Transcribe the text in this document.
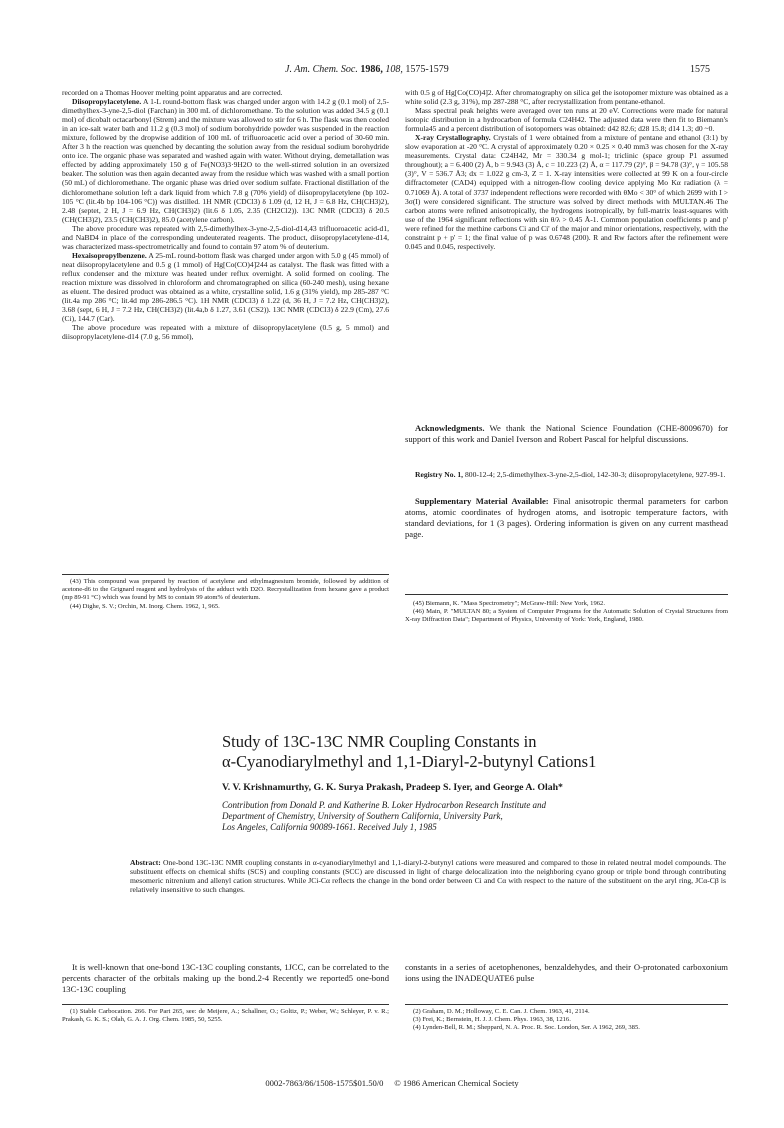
J. Am. Chem. Soc. 1986, 108, 1575-1579	1575

recorded on a Thomas Hoover melting point apparatus and are corrected.

Diisopropylacetylene. A 1-L round-bottom flask was charged under argon with 14.2 g (0.1 mol) of 2,5-dimethylhex-3-yne-2,5-diol (Farchan) in 300 mL of dichloromethane. To the solution was added 34.5 g (0.1 mol) of dicobalt octacarbonyl (Strem) and the mixture was allowed to stir for 6 h. The flask was then cooled in an ice-salt water bath and 11.2 g (0.3 mol) of sodium borohydride powder was suspended in the reaction mixture, followed by the dropwise addition of 100 mL of trifluoroacetic acid over a period of 30-60 min. After 3 h the reaction was quenched by decanting the solution away from the residual sodium borohydride onto ice. The organic phase was separated and washed again with water. Without drying, demetallation was effected by adding approximately 150 g of Fe(NO3)3·9H2O to the well-stirred solution in an oversized beaker. The solution was then again decanted away from the residue which was washed with a small portion (50 mL) of dichloromethane. The organic phase was dried over sodium sulfate. Fractional distillation of the dichloromethane solution left a dark liquid from which 7.8 g (70% yield) of diisopropylacetylene (bp 102-105 °C (lit.4b bp 104-106 °C)) was distilled. 1H NMR (CDCl3) δ 1.09 (d, 12 H, J = 6.8 Hz, CH(CH3)2), 2.48 (septet, 2 H, J = 6.9 Hz, CH(CH3)2) (lit.6 δ 1.05, 2.35 (CH2Cl2)). 13C NMR (CDCl3) δ 20.5 (CH(CH3)2), 23.5 (CH(CH3)2), 85.0 (acetylene carbon).

The above procedure was repeated with 2,5-dimethylhex-3-yne-2,5-diol-d14,43 trifluoroacetic acid-d1, and NaBD4 in place of the corresponding undeuterated reagents. The product, diisopropylacetylene-d14, was characterized mass-spectrometrically and found to contain 97 atom % of deuterium.

Hexaisopropylbenzene. A 25-mL round-bottom flask was charged under argon with 5.0 g (45 mmol) of neat diisopropylacetylene and 0.5 g (1 mmol) of Hg[Co(CO)4]244 as catalyst. The flask was fitted with a reflux condenser and the mixture was heated under reflux overnight. A solid formed on cooling. The reaction mixture was dissolved in chloroform and chromatographed on silica (60-240 mesh), using hexane as eluent. The desired product was obtained as a white, crystalline solid, 1.6 g (31% yield), mp 285-287 °C (lit.4a mp 286 °C; lit.4d mp 286-286.5 °C). 1H NMR (CDCl3) δ 1.22 (d, 36 H, J = 7.2 Hz, CH(CH3)2), 3.68 (sept, 6 H, J = 7.2 Hz, CH(CH3)2) (lit.4a,b δ 1.27, 3.61 (CS2)). 13C NMR (CDCl3) δ 22.9 (Cm), 27.6 (Ci), 144.7 (Car).

The above procedure was repeated with a mixture of diisopropylacetylene (0.5 g, 5 mmol) and diisopropylacetylene-d14 (7.0 g, 56 mmol),

(43) This compound was prepared by reaction of acetylene and ethylmagnesium bromide, followed by addition of acetone-d6 to the Grignard reagent and hydrolysis of the adduct with D2O. Recrystallization from hexane gave a product (mp 89-91 °C) which was found by MS to contain 99 atom% of deuterium.

(44) Dighe, S. V.; Orchin, M. Inorg. Chem. 1962, 1, 965.

with 0.5 g of Hg[Co(CO)4]2. After chromatography on silica gel the isotopomer mixture was obtained as a white solid (2.3 g, 31%), mp 287-288 °C, after recrystallization from pentane-ethanol.

Mass spectral peak heights were averaged over ten runs at 20 eV. Corrections were made for natural isotopic distribution in a hydrocarbon of formula C24H42. The adjusted data were then fit to Biemann's formula45 and a percent distribution of isotopomers was obtained: d42 82.6; d28 15.8; d14 1.3; d0 ~0.

X-ray Crystallography. Crystals of 1 were obtained from a mixture of pentane and ethanol (3:1) by slow evaporation at -20 °C. A crystal of approximately 0.20 × 0.25 × 0.40 mm3 was chosen for the X-ray measurements. Crystal data: C24H42, Mr = 330.34 g mol-1; triclinic (space group P1 assumed throughout); a = 6.400 (2) Å, b = 9.943 (3) Å, c = 10.223 (2) Å, α = 117.79 (2)°, β = 94.78 (3)°, γ = 105.58 (3)°, V = 536.7 Å3; dx = 1.022 g cm-3, Z = 1. X-ray intensities were collected at 99 K on a four-circle diffractometer (CAD4) equipped with a nitrogen-flow cooling device applying Mo Kα radiation (λ = 0.71069 Å). A total of 3737 independent reflections were recorded with θMo < 30° of which 2699 with I > 3σ(I) were considered significant. The structure was solved by direct methods with MULTAN.46 The carbon atoms were refined anisotropically, the hydrogens isotropically, by full-matrix least-squares with use of the 1964 significant reflections with sin θ/λ > 0.45 Å-1. Common population coefficients p and p' were refined for the methine carbons Ci and Ci' of the major and minor orientations, respectively, with the constraint p + p' = 1; the final value of p was 0.6748 (200). R and Rw factors after the refinement were 0.045 and 0.045, respectively.

Acknowledgments. We thank the National Science Foundation (CHE-8009670) for support of this work and Daniel Iverson and Robert Pascal for helpful discussions.

Registry No. 1, 800-12-4; 2,5-dimethylhex-3-yne-2,5-diol, 142-30-3; diisopropylacetylene, 927-99-1.

Supplementary Material Available: Final anisotropic thermal parameters for carbon atoms, atomic coordinates of hydrogen atoms, and isotropic temperature factors, with standard deviations, for 1 (3 pages). Ordering information is given on any current masthead page.

(45) Biemann, K. "Mass Spectrometry"; McGraw-Hill: New York, 1962.

(46) Main, P. "MULTAN 80; a System of Computer Programs for the Automatic Solution of Crystal Structures from X-ray Diffraction Data"; Department of Physics, University of York: York, England, 1980.

Study of 13C-13C NMR Coupling Constants in
α-Cyanodiarylmethyl and 1,1-Diaryl-2-butynyl Cations1
V. V. Krishnamurthy, G. K. Surya Prakash, Pradeep S. Iyer, and George A. Olah*
Contribution from Donald P. and Katherine B. Loker Hydrocarbon Research Institute and
Department of Chemistry, University of Southern California, University Park,
Los Angeles, California 90089-1661. Received July 1, 1985
Abstract: One-bond 13C-13C NMR coupling constants in α-cyanodiarylmethyl and 1,1-diaryl-2-butynyl cations were measured and compared to those in related neutral model compounds. The substituent effects on chemical shifts (SCS) and coupling constants (SCC) are discussed in light of charge delocalization into the neighboring cyano group or triple bond through contributing mesomeric nitrenium and allenyl cation structures. While JCi-Cα reflects the change in the bond order between Ci and Cα with respect to the nature of the substituent on the aryl ring, JCα-Cβ is relatively insensitive to such changes.

It is well-known that one-bond 13C-13C coupling constants, 1JCC, can be correlated to the percents character of the orbitals making up the bond.2-4 Recently we reported5 one-bond 13C-13C coupling

constants in a series of acetophenones, benzaldehydes, and their O-protonated carboxonium ions using the INADEQUATE6 pulse

(1) Stable Carbocation. 266. For Part 265, see: de Meijere, A.; Schallner, O.; Goltiz, P.; Weber, W.; Schleyer, P. v. R.; Prakash, G. K. S.; Olah, G. A. J. Org. Chem. 1985, 50, 5255.

(2) Graham, D. M.; Holloway, C. E. Can. J. Chem. 1963, 41, 2114.

(3) Frei, K.; Bernstein, H. J. J. Chem. Phys. 1963, 38, 1216.

(4) Lynden-Bell, R. M.; Sheppard, N. A. Proc. R. Soc. London, Ser. A 1962, 269, 385.

0002-7863/86/1508-1575$01.50/0 © 1986 American Chemical Society
